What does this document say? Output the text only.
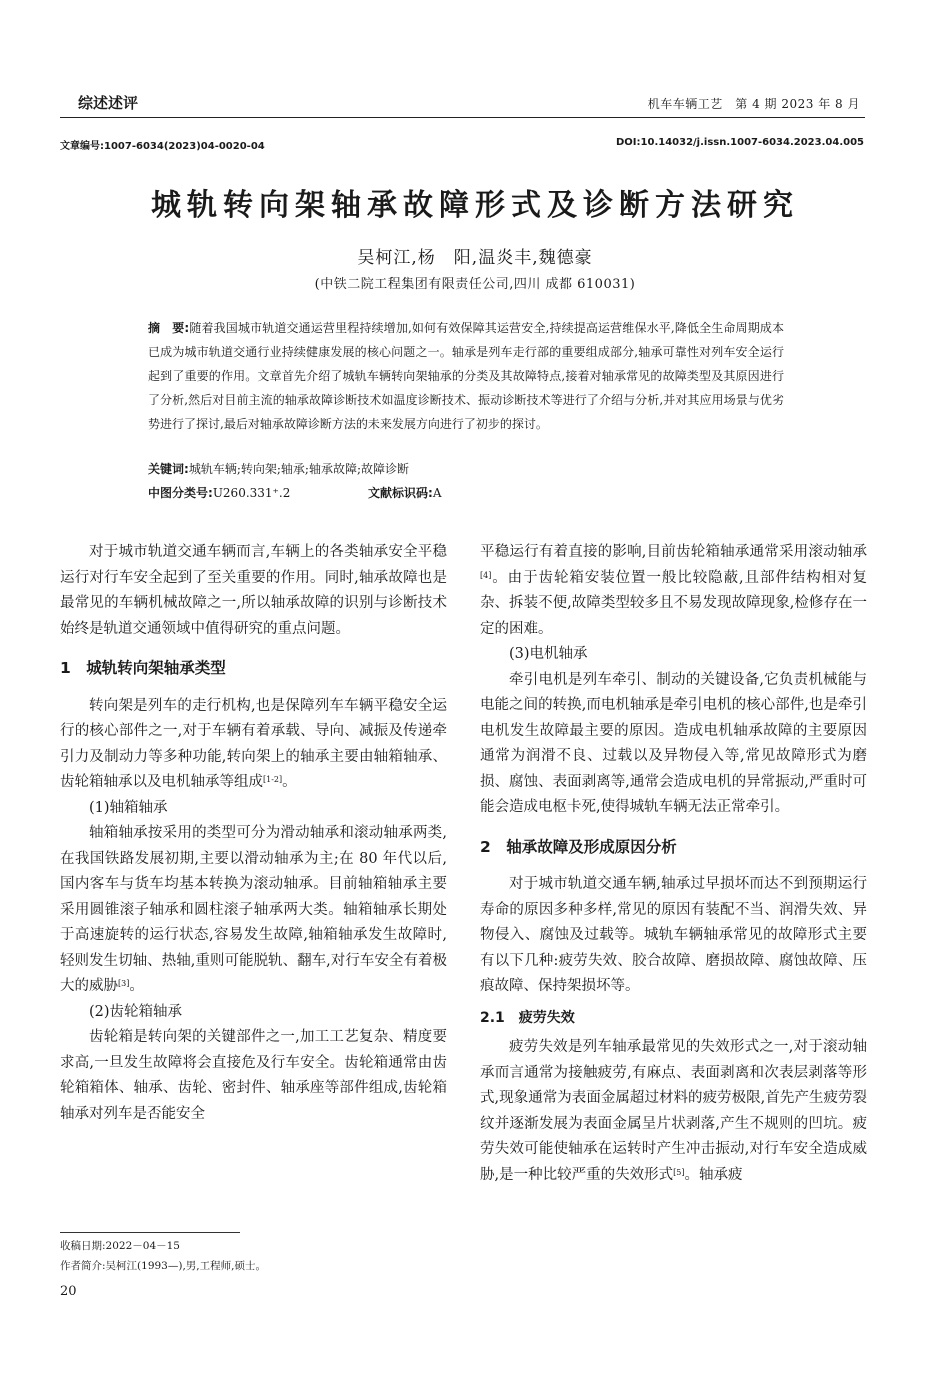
综述述评	机车车辆工艺　第 4 期 2023 年 8 月
文章编号:1007-6034(2023)04-0020-04	DOI:10.14032/j.issn.1007-6034.2023.04.005
城轨转向架轴承故障形式及诊断方法研究
吴柯江,杨　阳,温炎丰,魏德豪
(中铁二院工程集团有限责任公司,四川 成都 610031)
摘　要:随着我国城市轨道交通运营里程持续增加,如何有效保障其运营安全,持续提高运营维保水平,降低全生命周期成本已成为城市轨道交通行业持续健康发展的核心问题之一。轴承是列车走行部的重要组成部分,轴承可靠性对列车安全运行起到了重要的作用。文章首先介绍了城轨车辆转向架轴承的分类及其故障特点,接着对轴承常见的故障类型及其原因进行了分析,然后对目前主流的轴承故障诊断技术如温度诊断技术、振动诊断技术等进行了介绍与分析,并对其应用场景与优劣势进行了探讨,最后对轴承故障诊断方法的未来发展方向进行了初步的探讨。
关键词:城轨车辆;转向架;轴承;轴承故障;故障诊断
中图分类号:U260.331⁺.2	文献标识码:A

对于城市轨道交通车辆而言,车辆上的各类轴承安全平稳运行对行车安全起到了至关重要的作用。同时,轴承故障也是最常见的车辆机械故障之一,所以轴承故障的识别与诊断技术始终是轨道交通领域中值得研究的重点问题。

1　城轨转向架轴承类型

转向架是列车的走行机构,也是保障列车车辆平稳安全运行的核心部件之一,对于车辆有着承载、导向、减振及传递牵引力及制动力等多种功能,转向架上的轴承主要由轴箱轴承、齿轮箱轴承以及电机轴承等组成[1-2]。

(1)轴箱轴承

轴箱轴承按采用的类型可分为滑动轴承和滚动轴承两类,在我国铁路发展初期,主要以滑动轴承为主;在 80 年代以后,国内客车与货车均基本转换为滚动轴承。目前轴箱轴承主要采用圆锥滚子轴承和圆柱滚子轴承两大类。轴箱轴承长期处于高速旋转的运行状态,容易发生故障,轴箱轴承发生故障时,轻则发生切轴、热轴,重则可能脱轨、翻车,对行车安全有着极大的威胁[3]。

(2)齿轮箱轴承

齿轮箱是转向架的关键部件之一,加工工艺复杂、精度要求高,一旦发生故障将会直接危及行车安全。齿轮箱通常由齿轮箱箱体、轴承、齿轮、密封件、轴承座等部件组成,齿轮箱轴承对列车是否能安全

平稳运行有着直接的影响,目前齿轮箱轴承通常采用滚动轴承[4]。由于齿轮箱安装位置一般比较隐蔽,且部件结构相对复杂、拆装不便,故障类型较多且不易发现故障现象,检修存在一定的困难。

(3)电机轴承

牵引电机是列车牵引、制动的关键设备,它负责机械能与电能之间的转换,而电机轴承是牵引电机的核心部件,也是牵引电机发生故障最主要的原因。造成电机轴承故障的主要原因通常为润滑不良、过载以及异物侵入等,常见故障形式为磨损、腐蚀、表面剥离等,通常会造成电机的异常振动,严重时可能会造成电枢卡死,使得城轨车辆无法正常牵引。

2　轴承故障及形成原因分析

对于城市轨道交通车辆,轴承过早损坏而达不到预期运行寿命的原因多种多样,常见的原因有装配不当、润滑失效、异物侵入、腐蚀及过载等。城轨车辆轴承常见的故障形式主要有以下几种:疲劳失效、胶合故障、磨损故障、腐蚀故障、压痕故障、保持架损坏等。

2.1　疲劳失效

疲劳失效是列车轴承最常见的失效形式之一,对于滚动轴承而言通常为接触疲劳,有麻点、表面剥离和次表层剥落等形式,现象通常为表面金属超过材料的疲劳极限,首先产生疲劳裂纹并逐渐发展为表面金属呈片状剥落,产生不规则的凹坑。疲劳失效可能使轴承在运转时产生冲击振动,对行车安全造成威胁,是一种比较严重的失效形式[5]。轴承疲

收稿日期:2022－04－15
作者简介:吴柯江(1993—),男,工程师,硕士。
20
